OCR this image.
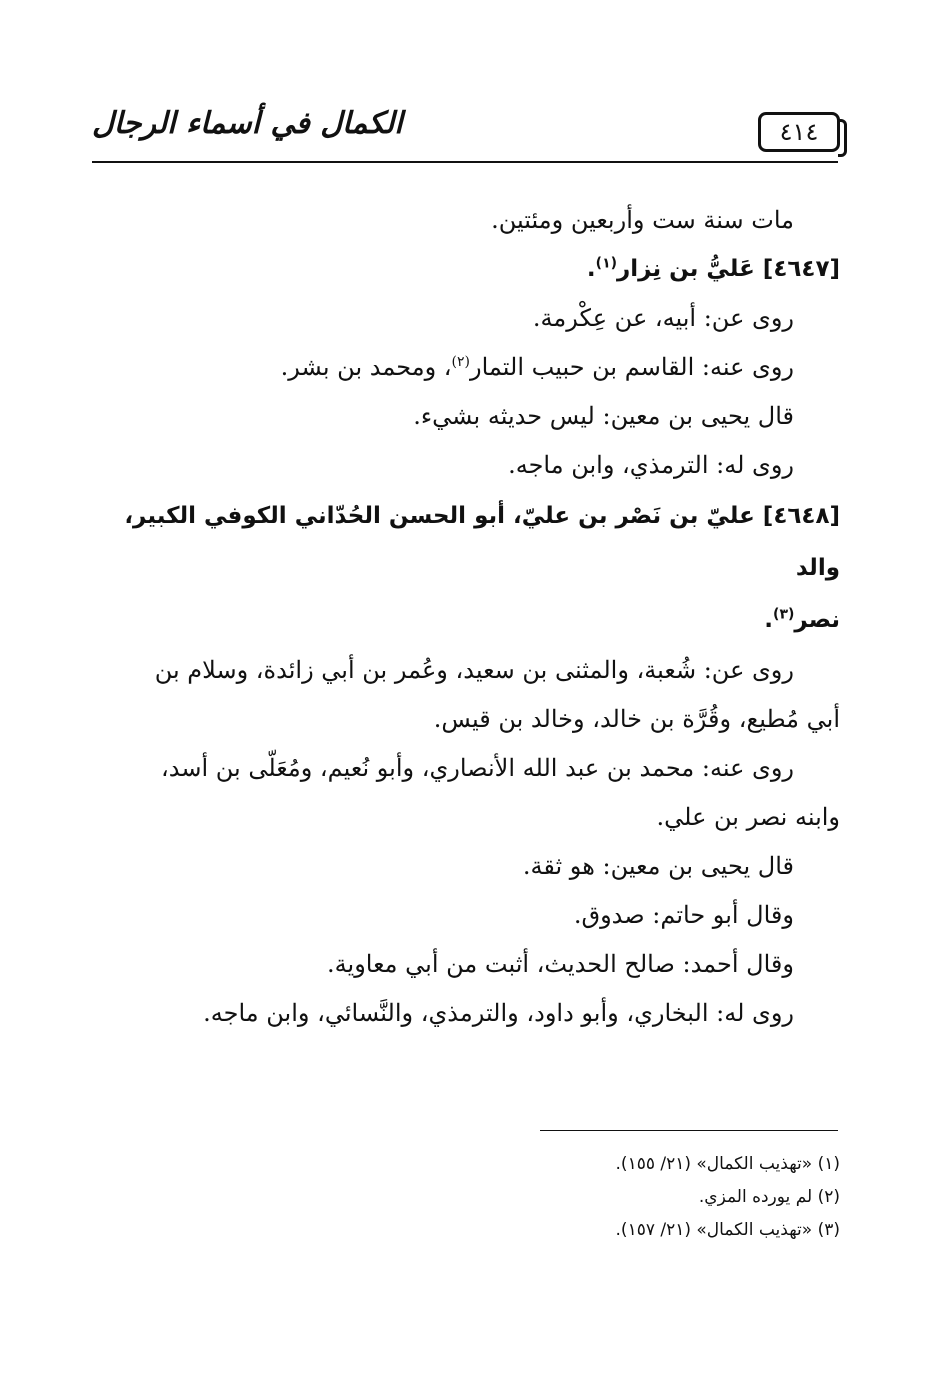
الكمال في أسماء الرجال	٤١٤

مات سنة ست وأربعين ومئتين.

[٤٦٤٧] عَليُّ بن نِزار$^{(١)}$.

روى عن: أبيه، عن عِكْرمة.

روى عنه: القاسم بن حبيب التمار$^{(٢)}$، ومحمد بن بشر.

قال يحيى بن معين: ليس حديثه بشيء.

روى له: الترمذي، وابن ماجه.

[٤٦٤٨] عليّ بن نَصْر بن عليّ، أبو الحسن الحُدّاني الكوفي الكبير، والد

نصر$^{(٣)}$.

روى عن: شُعبة، والمثنى بن سعيد، وعُمر بن أبي زائدة، وسلام بن

أبي مُطيع، وقُرَّة بن خالد، وخالد بن قيس.

روى عنه: محمد بن عبد الله الأنصاري، وأبو نُعيم، ومُعَلّى بن أسد،

وابنه نصر بن علي.

قال يحيى بن معين: هو ثقة.

وقال أبو حاتم: صدوق.

وقال أحمد: صالح الحديث، أثبت من أبي معاوية.

روى له: البخاري، وأبو داود، والترمذي، والنَّسائي، وابن ماجه.

(١) «تهذيب الكمال» (٢١/ ١٥٥).

(٢) لم يورده المزي.

(٣) «تهذيب الكمال» (٢١/ ١٥٧).
